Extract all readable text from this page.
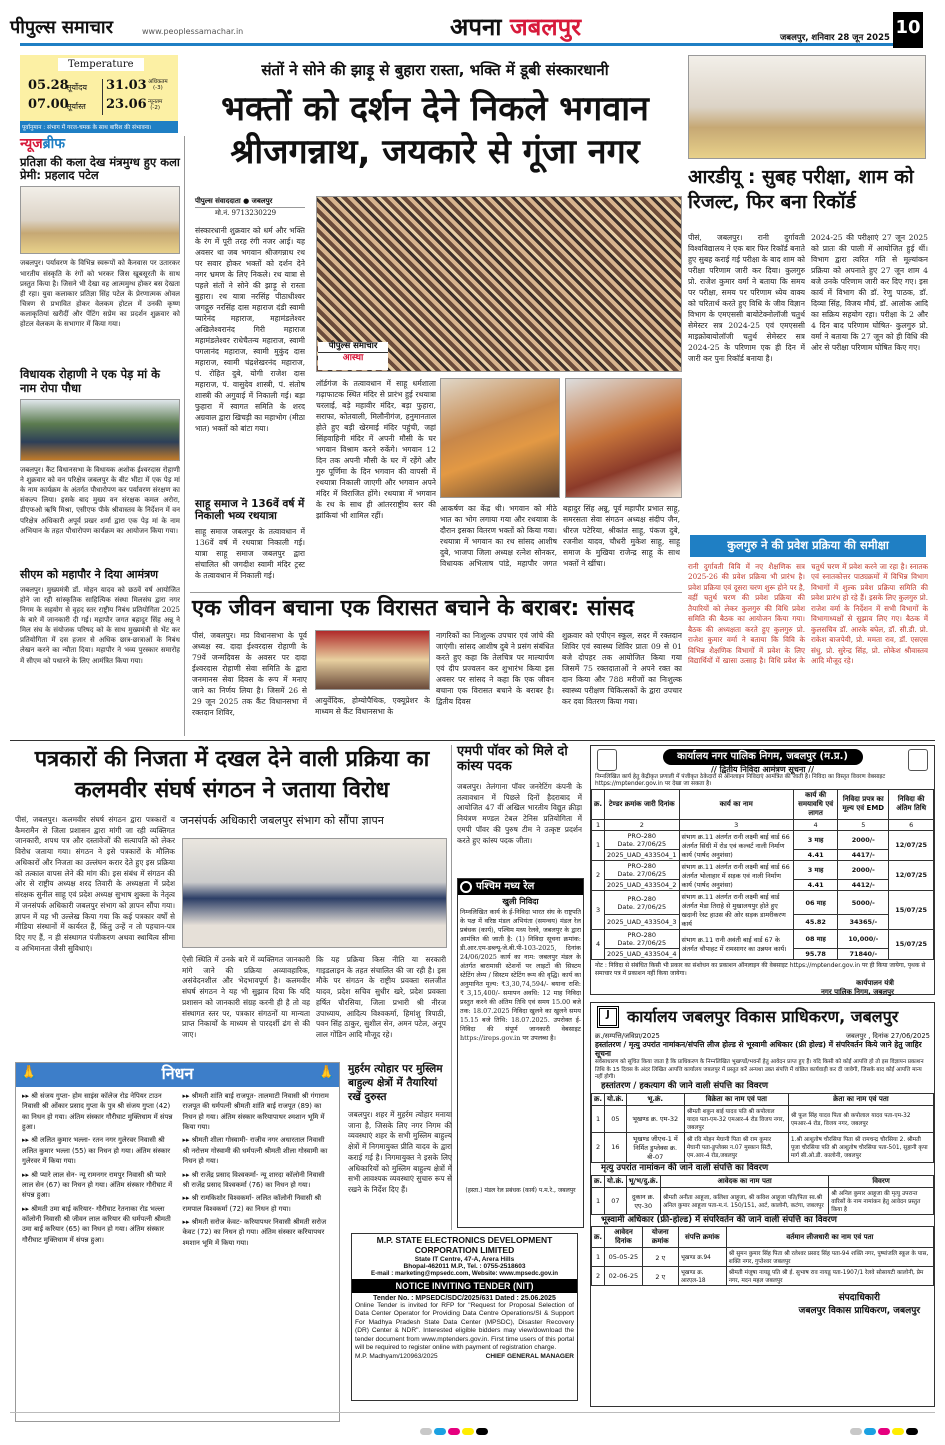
पीपुल्स समाचार	www.peoplessamachar.in	अपना जबलपुर	जबलपुर, शनिवार 28 जून 2025 10
Temperature
05.28
सूर्योदय
07.00
सूर्यास्त
31.03 अधिकतम
(-3)
23.06 न्यूनतम
(-2)
पूर्वानुमान : संभाग में गरज-चमक के साथ बारिश की संभावना।
न्यूजब्रीफ
प्रतिज्ञा की कला देख मंत्रमुग्ध हुए कला प्रेमी: प्रहलाद पटेल
जबलपुर। पर्यावरण के विभिन्न स्वरूपों को कैनवास पर उतारकर भारतीय संस्कृति के रंगों को भरकर जिस खूबसूरती के साथ प्रस्तुत किया है। जिसने भी देखा वह आत्ममुग्ध होकर बस देखता ही रहा। युवा कलाकार प्रतिज्ञा सिंह पटेल के प्रेरणात्मक ओवल चित्रण से प्रभावित होकर वेलकम होटल में उनकी कृष्ण कलाकृतियां खरीदीं और पेंटिंग सप्रेम का प्रदर्शन शुक्रवार को होटल वेलकम के सभागार में किया गया।
विधायक रोहाणी ने एक पेड़ मां के नाम रोपा पौधा
जबलपुर। कैंट विधानसभा के विधायक अशोक ईश्वरदास रोहाणी ने शुक्रवार को वन परिक्षेत्र जबलपुर के बीट भीटा में एक पेड़ मां के नाम कार्यक्रम के अंतर्गत पौधारोपण कर पर्यावरण संरक्षण का संकल्प लिया। इसके बाद मुख्य वन संरक्षक कमल अरोरा, डीएफओ ऋषि मिश्रा, एसीएफ पीके श्रीवास्तव के निर्देशन में वन परिक्षेत्र अधिकारी अपूर्व प्रखर शर्मा द्वारा एक पेड़ मां के नाम अभियान के तहत पौधारोपण कार्यक्रम का आयोजन किया गया।
सीएम को महापौर ने दिया आमंत्रण
जबलपुर। मुख्यमंत्री डॉ. मोहन यादव को छठवें वर्ष आयोजित होने जा रही सांस्कृतिक साहित्यिक संस्था मिलसंघ द्वारा नगर निगम के सहयोग से वृहद स्तर राष्ट्रीय निबंध प्रतियोगिता 2025 के बारे में जानकारी दी गई। महापौर जगत बहादुर सिंह अन्नू ने मिल संघ के संयोजक परिषद को के साथ मुख्यमंत्री से भेंट कर प्रतियोगिता में दस हजार से अधिक छात्र-छात्राओं के निबंध लेखन करने का न्यौता दिया। महापौर ने भव्य पुरस्कार समारोह में सीएम को पधारने के लिए आमंत्रित किया गया।
संतों ने सोने की झाड़ू से बुहारा रास्ता, भक्ति में डूबी संस्कारधानी
भक्तों को दर्शन देने निकले भगवान श्रीजगन्नाथ, जयकारे से गूंजा नगर
पीपुल्स संवाददाता ● जबलपुर
मो.नं. 9713230229
संस्कारधानी शुक्रवार को धर्म और भक्ति के रंग में पूरी तरह रंगी नजर आई। यह अवसर था जब भगवान श्रीजगन्नाथ रथ पर सवार होकर भक्तों को दर्शन देने नगर भ्रमण के लिए निकले। रथ यात्रा से पहले संतों ने सोने की झाड़ू से रास्ता बुहारा। रथ यात्रा नरसिंह पीठाधीश्वर जगद्गुरु नरसिंह दास महाराज दंडी स्वामी प्यारेनंद महाराज, महामंडलेश्वर अखिलेश्वरानंद गिरी महाराज महामंडलेश्वर राधेचैतन्य महाराज, स्वामी पगलानंद महाराज, स्वामी मुकुंद दास महाराज, स्वामी चंद्रशेखरनंद महाराज, पं. रोहित दुबे, योगी राजेश दास महाराज, पं. वासुदेव शास्त्री, पं. संतोष शास्त्री की अगुवाई में निकाली गई। बड़ा फुहारा में स्वागत समिति के शरद अग्रवाल द्वारा खिचड़ी का महाभोग (मीठा भात) भक्तों को बांटा गया।
साहू समाज ने 136वें वर्ष में निकाली भव्य रथयात्रा
साहू समाज जबलपुर के तत्वावधान में 136वें वर्ष में रथयात्रा निकाली गई। यात्रा साहू समाज जबलपुर द्वारा संचालित श्री जगदीश स्वामी मंदिर ट्रस्ट के तत्वावधान में निकाली गई।
पीपुल्स समाचार
आस्था
लॉर्डगंज के तत्वावधान में साहू धर्मशाला गढ़ाफाटक स्थित मंदिर से प्रारंभ हुई रथयात्रा चरलाई, बड़े महावीर मंदिर, बड़ा फुहारा, सराफा, कोतवाली, मिलौनीगंज, हनुमानताल होते हुए बड़ी खेरमाई मंदिर पहुंची, जहां सिंहवाहिनी मंदिर में अपनी मौसी के घर भगवान विश्राम करने रुकेंगे। भगवान 12 दिन तक अपनी मौसी के घर में रहेंगे और गुरु पूर्णिमा के दिन भगवान की वापसी में रथयात्रा निकाली जाएगी और भगवान अपने मंदिर में विराजित होंगे। रथयात्रा में भगवान के रथ के साथ ही आंतरराष्ट्रीय स्तर की झांकियां भी शामिल रहीं।
आकर्षण का केंद्र थी। भगवान को मीठे भात का भोग लगाया गया और रथयात्रा के दौरान इसका वितरण भक्तों को किया गया। रथयात्रा में भगवान का रथ सांसद आशीष दुबे, भाजपा जिला अध्यक्ष रत्नेश सोनकर, विधायक अभिलाष पांडे, महापौर जगत बहादुर सिंह अन्नू, पूर्व महापौर प्रभात साहू, समरसता सेवा संगठन अध्यक्ष संदीप जैन, धीरज पटेरिया, श्रीकांत साहू, पंकज दुबे, रजनीश यादव, चौधरी मुकेश साहू, साहू समाज के मुखिया राजेन्द्र साहू के साथ भक्तों ने खींचा।
आरडीयू : सुबह परीक्षा, शाम को रिजल्ट, फिर बना रिकॉर्ड
पीसं, जबलपुर। रानी दुर्गावती विश्वविद्यालय ने एक बार फिर रिकॉर्ड बनाते हुए सुबह कराई गई परीक्षा के बाद शाम को परीक्षा परिणाम जारी कर दिया। कुलगुरु प्रो. राजेश कुमार वर्मा ने बताया कि समय पर परीक्षा, समय पर परिणाम ध्येय वाक्य को चरितार्थ करते हुए विधि के जीव विज्ञान विभाग के एमएससी बायोटेक्नोलॉजी चतुर्थ सेमेस्टर सत्र 2024-25 एवं एमएससी माइक्रोबायोलॉजी चतुर्थ सेमेस्टर सत्र 2024-25 के परिणाम एक ही दिन में जारी कर पुनः रिकॉर्ड बनाया है।
2024-25 की परीक्षाएं 27 जून 2025 को प्रातः की पाली में आयोजित हुई थीं। विभाग द्वारा त्वरित गति से मूल्यांकन प्रक्रिया को अपनाते हुए 27 जून शाम 4 बजे उनके परिणाम जारी कर दिए गए। इस कार्य में विभाग की डॉ. रेणु पाठक, डॉ. दिव्या सिंह, विजय मौर्य, डॉ. आलोक आदि का सक्रिय सहयोग रहा। परीक्षा के 2 और 4 दिन बाद परिणाम घोषित- कुलगुरु प्रो. वर्मा ने बताया कि 27 जून को ही विधि की ओर से परीक्षा परिणाम घोषित किए गए।
कुलगुरु ने की प्रवेश प्रक्रिया की समीक्षा
रानी दुर्गावती विवि में नए शैक्षणिक सत्र 2025-26 की प्रवेश प्रक्रिया भी प्रारंभ है। प्रवेश प्रक्रिया एवं दूसरा चरण शुरू होने पर है, वहीं चतुर्थ चरण की प्रवेश प्रक्रिया की तैयारियों को लेकर कुलगुरु की विधि प्रवेश समिति की बैठक का आयोजन किया गया। बैठक की अध्यक्षता करते हुए कुलगुरु प्रो. राजेश कुमार वर्मा ने बताया कि विवि के विभिन्न शैक्षणिक विभागों में प्रवेश के लिए विद्यार्थियों में खासा उत्साह है। विधि प्रवेश के चतुर्थ चरण में प्रवेश करने जा रहा है। स्नातक एवं स्नातकोत्तर पाठ्यक्रमों में विभिन्न विभाग विभागों में शुल्क प्रवेश प्रक्रिया समिति की प्रवेश प्रारंभ हो रहे हैं। इसके लिए कुलगुरु प्रो. राजेश वर्मा के निर्देशन में सभी विभागों के विभागाध्यक्षों से सुझाव लिए गए। बैठक में कुलसचिव डॉ. आरके बघेल, डॉ. सी.डी. प्रो. राकेश बाजपेयी, प्रो. ममता राव, डॉ. एसएस संधु, प्रो. सुरेन्द्र सिंह, प्रो. लोकेश श्रीवास्तव आदि मौजूद रहे।
एक जीवन बचाना एक विरासत बचाने के बराबर: सांसद
पीसं, जबलपुर। मप्र विधानसभा के पूर्व अध्यक्ष स्व. दादा ईश्वरदास रोहाणी के 79वें जन्मदिवस के अवसर पर दादा ईश्वरदास रोहाणी सेवा समिति के द्वारा जनमानस सेवा दिवस के रूप में मनाए जाने का निर्णय लिया है। जिसमें 26 से 29 जून 2025 तक कैंट विधानसभा में रक्तदान शिविर,
आयुर्वेदिक, होम्योपैथिक, एक्यूप्रेशर के माध्यम से कैंट विधानसभा के
नागरिकों का निःशुल्क उपचार एवं जांचे की जाएंगी। सांसद आशीष दुबे ने प्रसंग संबंधित करते हुए कहा कि तेलचित्र पर माल्यार्पण एवं दीप प्रज्वलन कर शुभारंभ किया इस अवसर पर सांसद ने कहा कि एक जीवन बचाना एक विरासत बचाने के बराबर है। द्वितीय दिवस
शुक्रवार को एपीएन स्कूल, सदर में रक्तदान शिविर एवं स्वास्थ्य शिविर प्रातः 09 से 01 बजे दोपहर तक आयोजित किया गया जिसमें 75 रक्तदाताओं ने अपने रक्त का दान किया और 788 मरीजों का निःशुल्क स्वास्थ्य परीक्षण चिकित्सकों के द्वारा उपचार कर दवा वितरण किया गया।
पत्रकारों की निजता में दखल देने वाली प्रक्रिया का कलमवीर संघर्ष संगठन ने जताया विरोध
जनसंपर्क अधिकारी जबलपुर संभाग को सौंपा ज्ञापन
पीसं, जबलपुर। कलमवीर संघर्ष संगठन द्वारा पत्रकारों व कैमरामैन से जिला प्रशासन द्वारा मांगी जा रही व्यक्तिगत जानकारी, शपथ पत्र और दस्तावेजों की सत्यापति को लेकर विरोध जताया गया। संगठन ने इसे पत्रकारों के मौलिक अधिकारों और निजता का उल्लंघन करार देते हुए इस प्रक्रिया को तत्काल वापस लेने की मांग की। इस संबंध में संगठन की ओर से राष्ट्रीय अध्यक्ष शरद तिवारी के अध्यक्षता में प्रदेश संरक्षक सुनील साहू एवं प्रदेश अध्यक्ष सुभाष शुक्ला के नेतृत्व में जनसंपर्क अधिकारी जबलपुर संभाग को ज्ञापन सौंपा गया। ज्ञापन में यह भी उल्लेख किया गया कि कई पत्रकार वर्षों से मीडिया संस्थानों में कार्यरत हैं, किंतु उन्हें न तो पहचान-पत्र दिए गए हैं, न ही संस्थागत पंजीकरण अथवा स्थायित्व सीमा व अभिमानता जैसी सुविधाएं।
ऐसी स्थिति में उनके बारे में व्यक्तिगत जानकारी मांगे जाने की प्रक्रिया अव्यावहारिक, असंवेदनशील और भेदभावपूर्ण है। कलमवीर संघर्ष संगठन ने यह भी सुझाव दिया कि यदि प्रशासन को जानकारी संग्रह करनी ही है तो वह संस्थागत स्तर पर, पत्रकार संगठनों या मान्यता प्राप्त निकायों के माध्यम से पारदर्शी ढंग से की जाए।
कि यह प्रक्रिया किस नीति या सरकारी गाइडलाइन के तहत संचालित की जा रही है। इस मौके पर संगठन के राष्ट्रीय प्रवक्ता सलजीत यादव, प्रदेश सचिव सुधीर खरे, प्रदेश प्रवक्ता हर्षित चौरसिया, जिला प्रभारी श्री नीरज उपाध्याय, आदित्य विश्वकर्मा, हिमांशु त्रिपाठी, पवन सिंह ठाकुर, सुशील सेन, अमन पटेल, अनूप लाल गोंडिन आदि मौजूद रहे।
एमपी पॉवर को मिले दो कांस्य पदक
जबलपुर। तेलंगाना पॉवर जनरेटिंग कंपनी के तत्वावधान में पिछले दिनों हैदराबाद में आयोजित 47 वीं अखिल भारतीय विद्युत क्रीड़ा नियंत्रण मण्डल टेबल टेनिस प्रतियोगिता में एमपी पॉवर की पुरुष टीम ने उत्कृष्ट प्रदर्शन करते हुए कांस्य पदक जीता।
पश्चिम मध्य रेल
खुली निविदा
निम्नलिखित कार्य के ई-निविदा भारत संघ के राष्ट्रपति के पक्ष में वरिष्ठ मंडल अभियंता (समन्वय) मंडल रेल प्रबंधक (कार्य), पश्चिम मध्य रेलवे, जबलपुर के द्वारा आमंत्रित की जाती है: (1) निविदा सूचना क्रमांक: डी.आर.एम-डब्ल्यू-जे.बी.पी-103-2025, दिनांक 24/06/2025 कार्य का नाम: जबलपुर मंडल के अंतर्गत बारामासी स्टेशनों पर लाइटों की सिस्टम स्टेटिंग लेम्प / सिस्टम स्टेटिंग रूम की वृद्धि। कार्य का अनुमानित मूल्य: ₹3,30,74,594/- बयाना राशि: ₹ 3,15,400/- समापन अवधि: 12 माह निविदा प्रस्तुत करने की अंतिम तिथि एवं समय 15.00 बजे तक: 18.07.2025 निविदा खुलने का खुलने समय 15.15 बजे तिथि: 18.07.2025. उपरोक्त ई-निविदा की संपूर्ण जानकारी वेबसाइट https://ireps.gov.in पर उपलब्ध है।
(हस्ता.) मंडल रेल प्रबंधक (कार्य) प.म.रे., जबलपुर
मुहर्रम त्योहार पर मुस्लिम बाहुल्य क्षेत्रों में तैयारियां रखें दुरुस्त
जबलपुर। शहर में मुहर्रम त्योहार मनाया जाना है, जिसके लिए नगर निगम की व्यवस्थाएं शहर के सभी मुस्लिम बाहुल्य क्षेत्रों में निगमायुक्त प्रीति यादव के द्वारा कराई गई है। निगमायुक्त ने इसके लिए अधिकारियों को मुस्लिम बाहुल्य क्षेत्रों में सभी आवश्यक व्यवस्थाएं सुचारु रूप से रखने के निर्देश दिए हैं।
🙏	निधन	🙏
▸▸ श्री संजय गुप्ता- होम साइंस कॉलेज रोड नेपियर टाउन निवासी श्री ओंकार प्रसाद गुप्ता के पुत्र श्री संजय गुप्ता (42) का निधन हो गया। अंतिम संस्कार गौरीघाट मुक्तिधाम में संपन्न हुआ।
▸▸ श्री ललित कुमार भल्ला- रतन नगर गुलेरवर निवासी श्री ललित कुमार भल्ला (55) का निधन हो गया। अंतिम संस्कार गुलेरवर में किया गया।
▸▸ श्री प्यारे लाल सेन- न्यू रामनगर रामपुर निवासी श्री प्यारे लाल सेन (67) का निधन हो गया। अंतिम संस्कार गौरीघाट में संपन्न हुआ।
▸▸ श्रीमती उमा बाई करियार- गौरीघाट रेतनाका रोड भल्ला कॉलोनी निवासी श्री जीवन लाल करियार की धर्मपत्नी श्रीमती उमा बाई करियार (65) का निधन हो गया। अंतिम संस्कार गौरीघाट मुक्तिधाम में संपन्न हुआ।
▸▸ श्रीमती शांति बाई राजपूत- तालमाटी निवासी श्री गंगाराम राजपूत की धर्मपत्नी श्रीमती शांति बाई राजपूत (89) का निधन हो गया। अंतिम संस्कार करियापाथर श्मशान भूमि में किया गया।
▸▸ श्रीमती शीला गोस्वामी- राजीव नगर अधारताल निवासी श्री नरोत्तम गोस्वामी की धर्मपत्नी श्रीमती शीला गोस्वामी का निधन हो गया।
▸▸ श्री राजेंद्र प्रसाद विश्वकर्मा- न्यू शारदा कॉलोनी निवासी श्री राजेंद्र प्रसाद विश्वकर्मा (76) का निधन हो गया।
▸▸ श्री रामकिशोर विश्वकर्मा- ललित कॉलोनी निवासी श्री रामपाल विश्वकर्मा (72) का निधन हो गया।
▸▸ श्रीमती सरोज केवट- करियापथर निवासी श्रीमती सरोज केवट (72) का निधन हो गया। अंतिम संस्कार करियापथर श्मशान भूमि में किया गया।	M.P. STATE ELECTRONICS DEVELOPMENT CORPORATION LIMITED
State IT Centre, 47-A, Arera Hills
Bhopal-462011 M.P., Tel. : 0755-2518603
E-mail : marketing@mpsedc.com, Website: www.mpsedc.gov.in
NOTICE INVITING TENDER (NIT)
Tender No. : MPSEDC/SDC/2025/631 Dated : 25.06.2025
Online Tender is invited for RFP for "Request for Proposal Selection of Data Center Operator for Providing Data Centre Operations/SI & Support For Madhya Pradesh State Data Center (MPSDC), Disaster Recovery (DR) Center & NDR". Interested eligible bidders may view/download the tender document from www.mptenders.gov.in. First time users of this portal will be required to register online with payment of registration charge.
M.P. Madhyam/120963/2025	CHIEF GENERAL MANAGER
कार्यालय नगर पालिक निगम, जबलपुर (म.प्र.)
// द्वितीय निविदा आमंत्रण सूचना //
निम्नलिखित कार्य हेतु केंद्रीकृत प्रणाली में पंजीकृत ठेकेदारों से ऑनलाइन निविदाएं आमंत्रित की जाती है। निविदा का विस्तृत विवरण वेबसाइट https://mptender.gov.in पर देखा जा सकता है।
क्र.	टेण्डर क्रमांक जारी दिनांक	कार्य का नाम	कार्य की समयावधि एवं लागत	निविदा प्रपत्र का मूल्य एवं EMD	निविदा की अंतिम तिथि
1	2	3	4	5	6
1	PRO-280
Date. 27/06/25	संभाग क्र.11 अंतर्गत रानी लक्ष्मी बाई वार्ड 66 अंतर्गत सिंधी में रोड एवं कल्वर्ट नाली निर्माण कार्य (पार्षद अनुशंसा)	3 माह	2000/-	12/07/25
	2025_UAD_433504_1		4.41	4417/-	
2	PRO-280
Date. 27/06/25	संभाग क्र.11 अंतर्गत रानी लक्ष्मी बाई वार्ड 66 अंतर्गत भोलाहार में सड़क एवं नाली निर्माण कार्य (पार्षद अनुशंसा)	3 माह	2000/-	12/07/25
	2025_UAD_433504_2		4.41	4412/-	
3	PRO-280
Date. 27/06/25	संभाग क्र.11 अंतर्गत रानी लक्ष्मी बाई वार्ड अंतर्गत मेडा तिराहे से मुखालयपुर होते हुए खदानी रेस्ट हाउस की ओर सड़क डामरीकरण कार्य	06 माह	5000/-	15/07/25
	2025_UAD_433504_3		45.82	34365/-	
4	PRO-280
Date. 27/06/25	संभाग क्र.11 रानी अवंती बाई वार्ड 67 के अंतर्गत चौपाहट में रामसागर का उन्नयन कार्य।	08 माह	10,000/-	15/07/25
	2025_UAD_433504_4		95.78	71840/-	
नोट : निविदा से संबंधित किसी भी प्रकार का संशोधन का प्रकाशन ऑनलाइन की वेबसाइट https://mptender.gov.in पर ही किया जायेगा, पृथक से समाचार पत्र में प्रकाशन नहीं किया जायेगा।
कार्यपालन यंत्री
नगर पालिक निगम, जबलपुर
J	कार्यालय जबलपुर विकास प्राधिकरण, जबलपुर
क्र./सम्पत्ति/जविप्रा/2025	जबलपुर , दिनांक 27/06/2025
हस्तांतरण / मृत्यु उपरांत नामांकन/संपत्ति लीज होल्ड से भूस्वामी अधिकार (फ्री होल्ड) में संपरिवर्तन किये जाने हेतु जाहिर सूचना
सर्वसाधारण को सूचित किया जाता है कि प्राधिकरण के निम्नलिखित भूखण्डों/भवनों हेतु आवेदन प्राप्त हुए हैं। यदि किसी को कोई आपत्ति हो तो इस विज्ञापन प्रकाशन तिथि के 15 दिवस के अंदर लिखित आपत्ति कार्यालय जबलपुर में प्रस्तुत करें अन्यथा उक्त संपत्ति में वांछित कार्यवाही कर दी जावेगी, जिसके बाद कोई आपत्ति मान्य नहीं होगी।
हस्तांतरण / हकत्याग की जाने वाली संपत्ति का विवरण
क्र.	यो.क्रं.	भू.क्रं.	विक्रेता का नाम एवं पता	क्रेता का नाम एवं पता
1	05	भूखण्ड क्र. एम-32	श्रीमती शकुन बाई यादव पति श्री कपोलाल यादव पता-एम-32 एमआर-4 रोड विजय नगर, जबलपुर	श्री फूल सिंह यादव पिता श्री कपोलाल यादव पता-एम-32 एमआर-4 रोड, विजय नगर, जबलपुर
2	16	भूखण्ड जीएच-1 में निर्मित डुप्लेक्स क्र. बी-07	श्री रवि मोहन मेघानी पिता श्री राम कुमार मेघानी पता-डुप्लेक्स न.07 मुस्कान सिटी, एम.आर-4 रोड,जबलपुर	1.श्री आशुतोष चौरसिया पिता श्री रामचन्द्र चौरसिया 2. श्रीमती पूजा चौरसिया पति श्री आशुतोष चौरसिया पता-501, सुहानी कृपा मार्ग सी.ओ.डी. कालोनी, जबलपुर
मृत्यु उपरांत नामांकन की जाने वाली संपत्ति का विवरण
क्र.	यो.क्रं.	भू/भ/दु.क्रं.	आवेदक का नाम पता	विवरण
1	07	दुकान क्र. एए-30	श्रीमती अनीता आहूजा, कलिशा आहूजा, श्री कविश आहूजा पति/पिता स्व.श्री अनिल कुमार आहूजा पता-म.नं. 150/151, आर्ट, कालोनी, कटंगा, जबलपुर	श्री अनिल कुमार आहूजा की मृत्यु उपरान्त वारिसों के नाम नामांकन हेतु आवेदन प्रस्तुत किया है
भूस्वामी अधिकार (फ्री-होल्ड) में संपरिवर्तन की जाने वाली संपत्ति का विवरण
क्र.	आवेदन दिनांक	योजना क्रमांक	संपत्ति क्रमांक	वर्तमान लीजधारी का नाम एवं पता
1	05-05-25	2 ए	भूखण्ड क्र.94	श्री सुमन कुमार सिंह पिता श्री रलेश्वर प्रसाद सिंह पता-94 शक्ति नगर, पुष्पांजलि स्कूल के पास, शक्ति नगर, गुप्तेश्वर जबलपुर
2	02-06-25	2 ए	भूखण्ड क्र. आरएल-18	श्रीमती मंजूषा नायडू पति श्री ई. सुभाष राव नायडू पता-1907/1 रेलवे सोसायटी कालोनी, प्रेम नगर, मदन महल जबलपुर
संपदाधिकारी
जबलपुर विकास प्राधिकरण, जबलपुर
